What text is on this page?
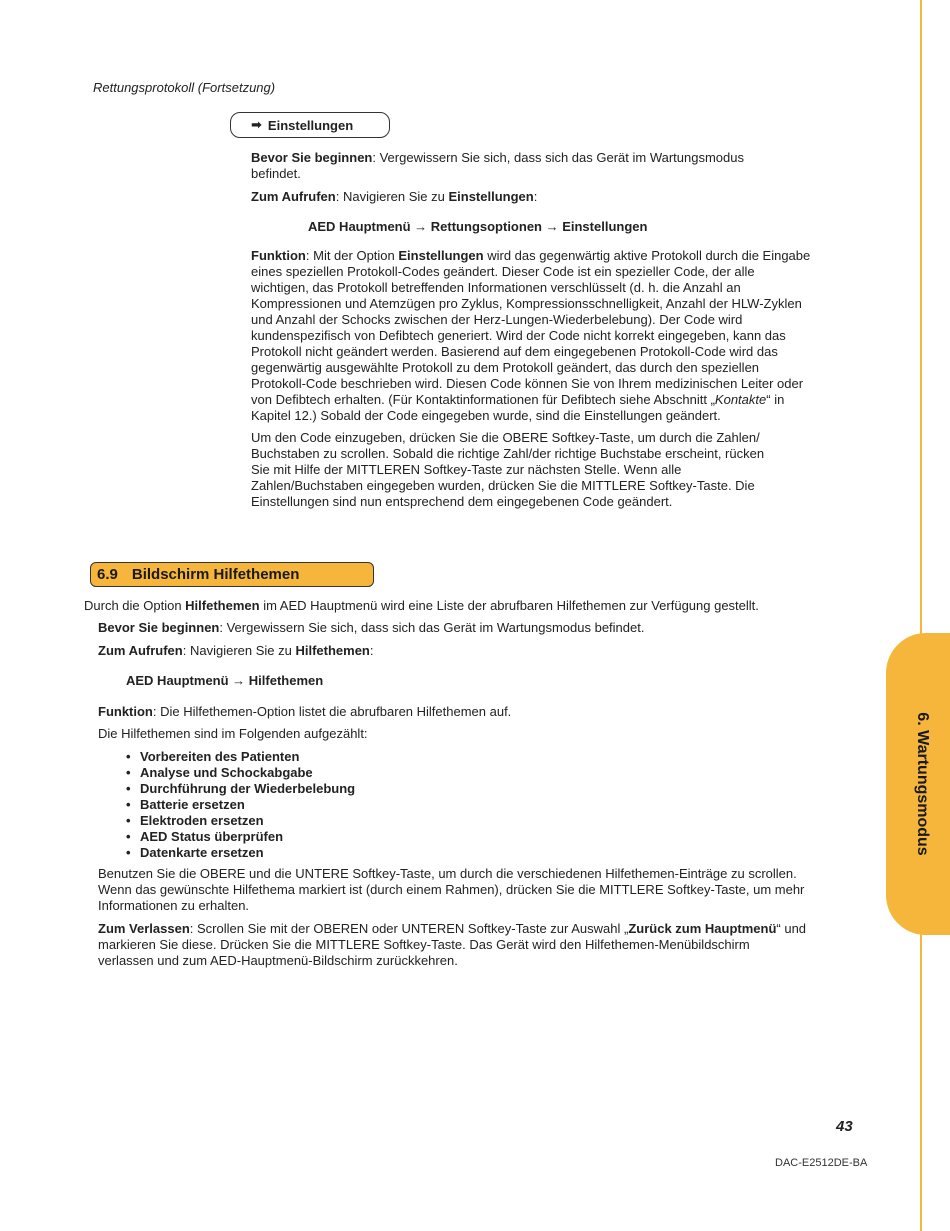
6. Wartungsmodus
Rettungsprotokoll (Fortsetzung)
➡ Einstellungen
Bevor Sie beginnen: Vergewissern Sie sich, dass sich das Gerät im Wartungsmodus befindet.
Zum Aufrufen: Navigieren Sie zu Einstellungen:
AED Hauptmenü → Rettungsoptionen → Einstellungen
Funktion: Mit der Option Einstellungen wird das gegenwärtig aktive Protokoll durch die Eingabe eines speziellen Protokoll-Codes geändert. Dieser Code ist ein spezieller Code, der alle wichtigen, das Protokoll betreffenden Informationen verschlüsselt (d. h. die Anzahl an Kompressionen und Atemzügen pro Zyklus, Kompressionsschnelligkeit, Anzahl der HLW-Zyklen und Anzahl der Schocks zwischen der Herz-Lungen-Wiederbelebung). Der Code wird kundenspezifisch von Defibtech generiert. Wird der Code nicht korrekt eingegeben, kann das Protokoll nicht geändert werden. Basierend auf dem eingegebenen Protokoll-Code wird das gegenwärtig ausgewählte Protokoll zu dem Protokoll geändert, das durch den speziellen Protokoll-Code beschrieben wird. Diesen Code können Sie von Ihrem medizinischen Leiter oder von Defibtech erhalten. (Für Kontaktinformationen für Defibtech siehe Abschnitt „Kontakte“ in Kapitel 12.) Sobald der Code eingegeben wurde, sind die Einstellungen geändert.
Um den Code einzugeben, drücken Sie die OBERE Softkey-Taste, um durch die Zahlen/ Buchstaben zu scrollen. Sobald die richtige Zahl/der richtige Buchstabe erscheint, rücken Sie mit Hilfe der MITTLEREN Softkey-Taste zur nächsten Stelle. Wenn alle Zahlen/Buchstaben eingegeben wurden, drücken Sie die MITTLERE Softkey-Taste. Die Einstellungen sind nun entsprechend dem eingegebenen Code geändert.
6.9 Bildschirm Hilfethemen
Durch die Option Hilfethemen im AED Hauptmenü wird eine Liste der abrufbaren Hilfethemen zur Verfügung gestellt.
Bevor Sie beginnen: Vergewissern Sie sich, dass sich das Gerät im Wartungsmodus befindet.
Zum Aufrufen: Navigieren Sie zu Hilfethemen:
AED Hauptmenü → Hilfethemen
Funktion: Die Hilfethemen-Option listet die abrufbaren Hilfethemen auf.
Die Hilfethemen sind im Folgenden aufgezählt:
• Vorbereiten des Patienten
• Analyse und Schockabgabe
• Durchführung der Wiederbelebung
• Batterie ersetzen
• Elektroden ersetzen
• AED Status überprüfen
• Datenkarte ersetzen
Benutzen Sie die OBERE und die UNTERE Softkey-Taste, um durch die verschiedenen Hilfethemen-Einträge zu scrollen. Wenn das gewünschte Hilfethema markiert ist (durch einem Rahmen), drücken Sie die MITTLERE Softkey-Taste, um mehr Informationen zu erhalten.
Zum Verlassen: Scrollen Sie mit der OBEREN oder UNTEREN Softkey-Taste zur Auswahl „Zurück zum Hauptmenü“ und markieren Sie diese. Drücken Sie die MITTLERE Softkey-Taste. Das Gerät wird den Hilfethemen-Menübildschirm verlassen und zum AED-Hauptmenü-Bildschirm zurückkehren.
43
DAC-E2512DE-BA
